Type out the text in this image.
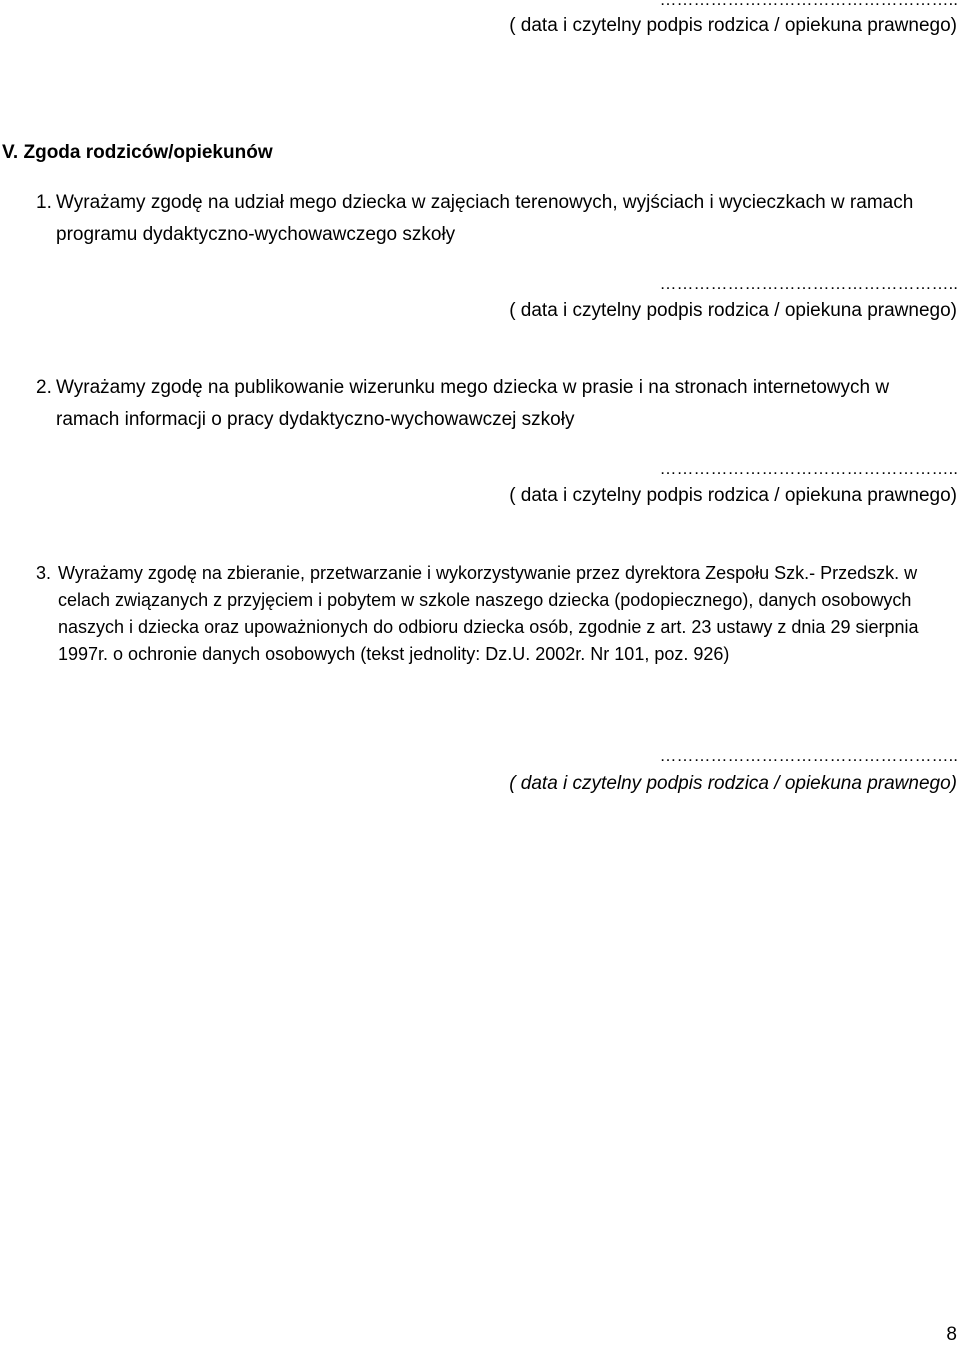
( data i czytelny podpis rodzica / opiekuna prawnego)
V. Zgoda rodziców/opiekunów
1. Wyrażamy zgodę na udział mego dziecka w zajęciach terenowych, wyjściach i wycieczkach w ramach programu dydaktyczno-wychowawczego szkoły
……………………………………………..
( data i czytelny podpis rodzica / opiekuna prawnego)
2. Wyrażamy zgodę na publikowanie wizerunku mego dziecka w prasie i na stronach internetowych w ramach informacji o pracy dydaktyczno-wychowawczej szkoły
……………………………………………..
( data i czytelny podpis rodzica / opiekuna prawnego)
3. Wyrażamy zgodę na zbieranie, przetwarzanie i wykorzystywanie przez dyrektora Zespołu Szk.- Przedszk. w celach związanych z przyjęciem i pobytem w szkole naszego dziecka (podopiecznego), danych osobowych naszych i dziecka oraz upoważnionych do odbioru dziecka osób, zgodnie z art. 23 ustawy z dnia 29 sierpnia 1997r. o ochronie danych osobowych (tekst jednolity: Dz.U. 2002r. Nr 101, poz. 926)
……………………………………………..
( data i czytelny podpis rodzica / opiekuna prawnego)
8
